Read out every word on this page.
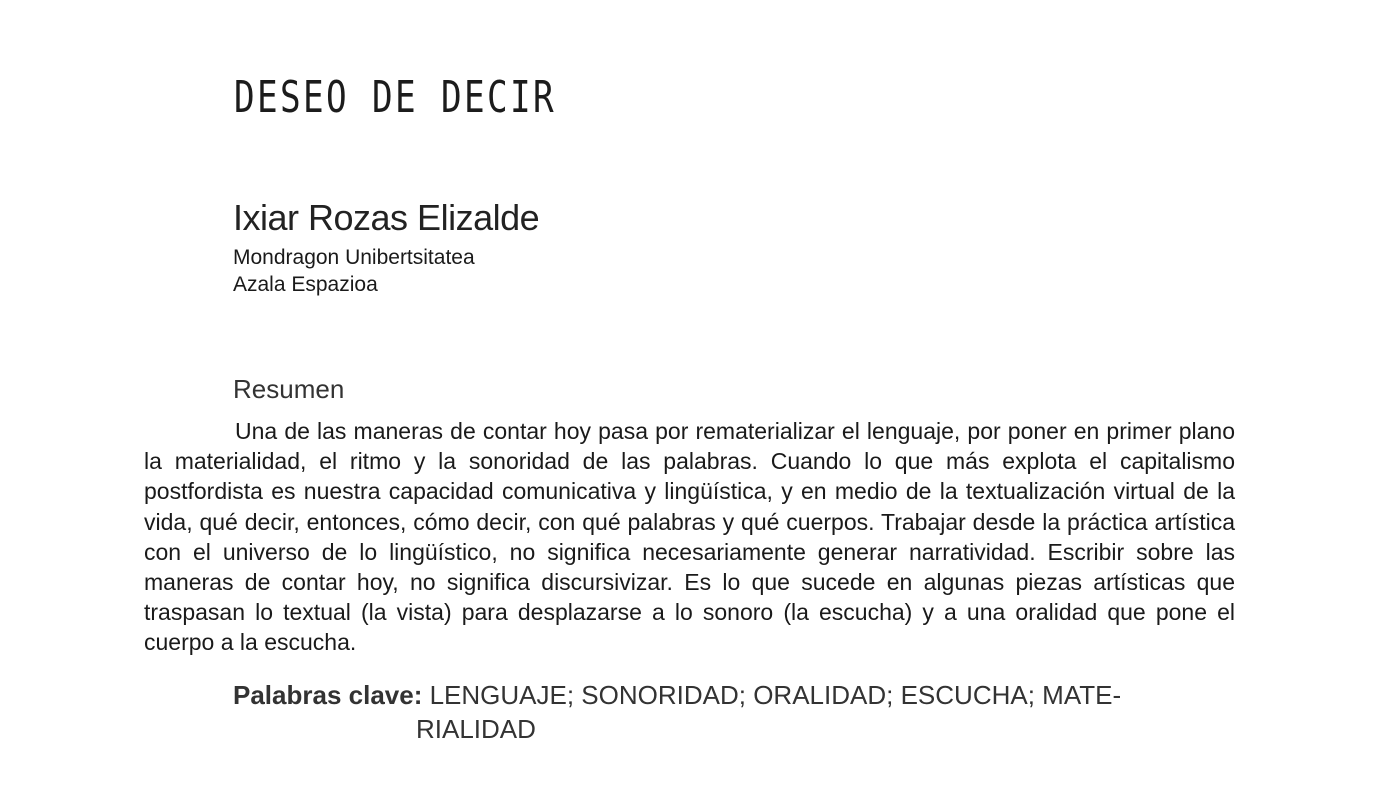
DESEO DE DECIR
Ixiar Rozas Elizalde
Mondragon Unibertsitatea
Azala Espazioa
Resumen

Una de las maneras de contar hoy pasa por rematerializar el lenguaje, por poner en primer plano la materialidad, el ritmo y la sonoridad de las palabras. Cuando lo que más explota el capitalismo postfordista es nuestra capacidad comunicativa y lingüística, y en medio de la textualización virtual de la vida, qué decir, entonces, cómo decir, con qué palabras y qué cuerpos. Trabajar desde la práctica artística con el universo de lo lingüístico, no significa necesariamente generar narratividad. Escribir sobre las maneras de contar hoy, no significa discursivizar. Es lo que sucede en algunas piezas artísticas que traspasan lo textual (la vista) para desplazarse a lo sonoro (la escucha) y a una oralidad que pone el cuerpo a la escucha.

Palabras clave: LENGUAJE; SONORIDAD; ORALIDAD; ESCUCHA; MATE-
RIALIDAD
